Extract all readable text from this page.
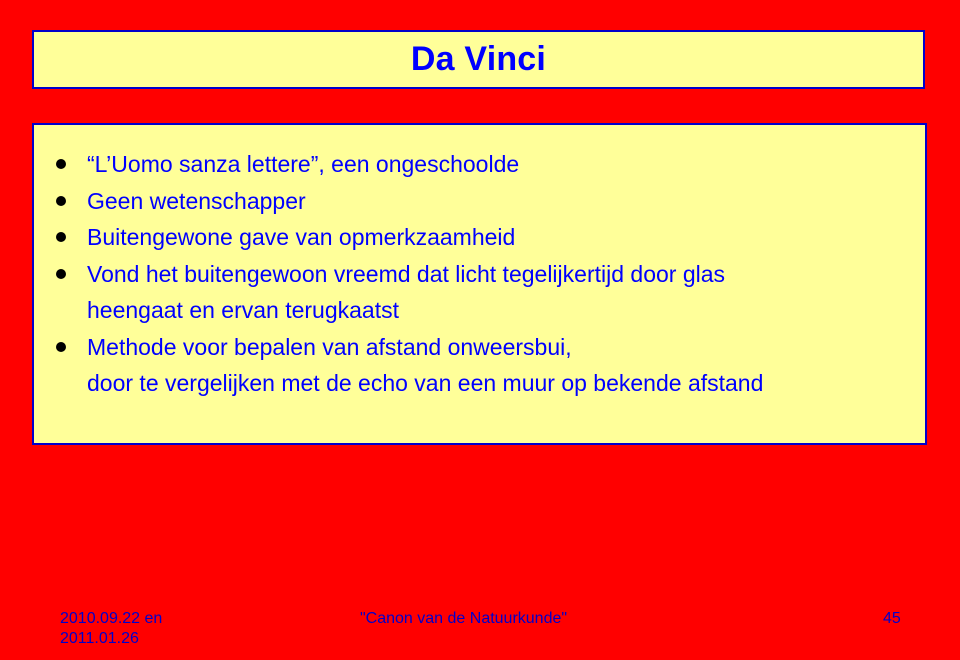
Da Vinci
“L’Uomo sanza lettere”, een ongeschoolde
Geen wetenschapper
Buitengewone gave van opmerkzaamheid
Vond het buitengewoon vreemd dat licht tegelijkertijd door glas
heengaat en ervan terugkaatst
Methode voor bepalen van afstand onweersbui,
door te vergelijken met de echo van een muur op bekende afstand
2010.09.22 en
2011.01.26
"Canon van de Natuurkunde"	45
